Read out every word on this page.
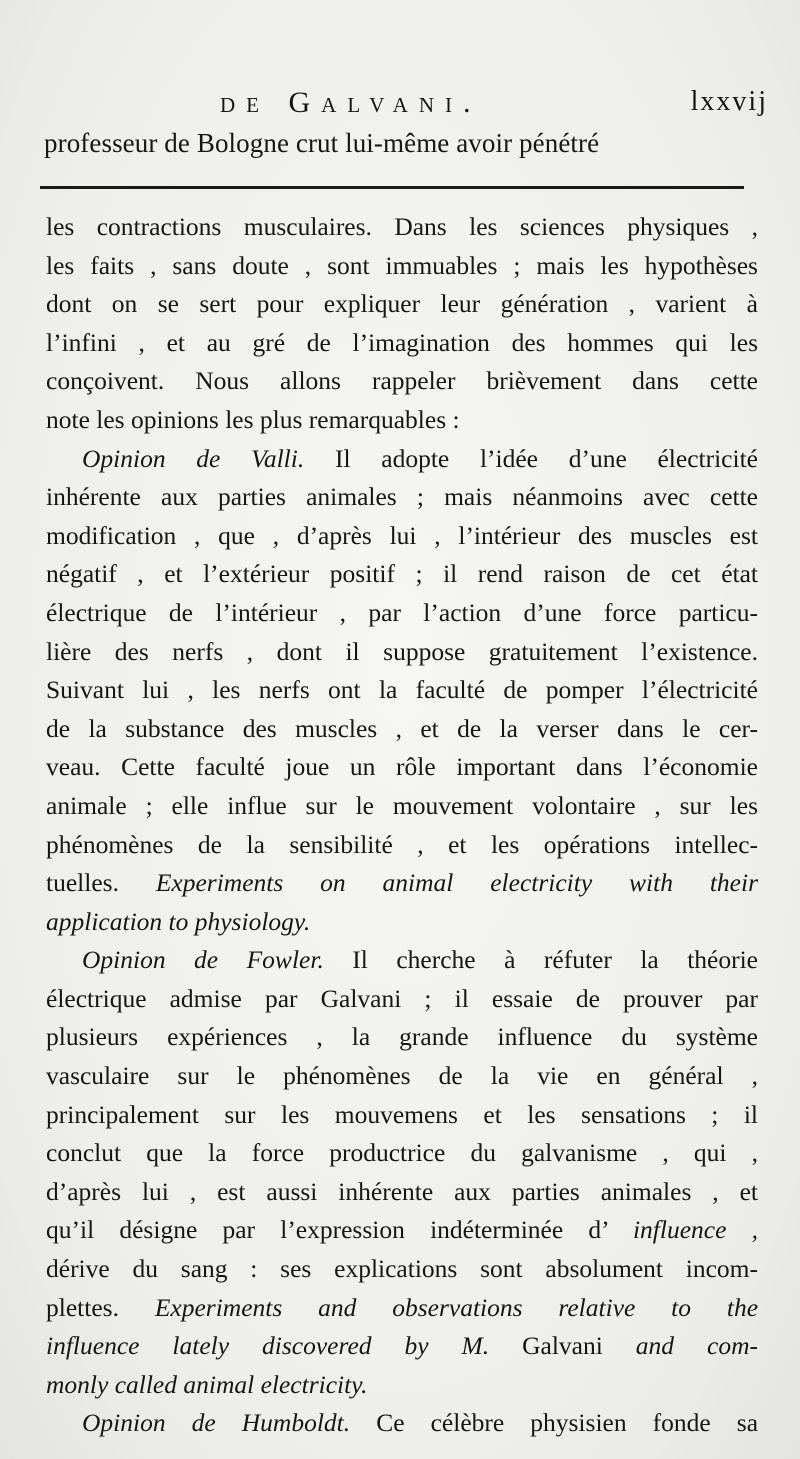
de Galvani.	lxxvij
professeur de Bologne crut lui-même avoir pénétré
les contractions musculaires. Dans les sciences physiques ,
les faits , sans doute , sont immuables ; mais les hypothèses
dont on se sert pour expliquer leur génération , varient à
l’infini , et au gré de l’imagination des hommes qui les
conçoivent. Nous allons rappeler brièvement dans cette
note les opinions les plus remarquables :
Opinion de Valli. Il adopte l’idée d’une électricité
inhérente aux parties animales ; mais néanmoins avec cette
modification , que , d’après lui , l’intérieur des muscles est
négatif , et l’extérieur positif ; il rend raison de cet état
électrique de l’intérieur , par l’action d’une force particu-
lière des nerfs , dont il suppose gratuitement l’existence.
Suivant lui , les nerfs ont la faculté de pomper l’électricité
de la substance des muscles , et de la verser dans le cer-
veau. Cette faculté joue un rôle important dans l’économie
animale ; elle influe sur le mouvement volontaire , sur les
phénomènes de la sensibilité , et les opérations intellec-
tuelles. Experiments on animal electricity with their
application to physiology.
Opinion de Fowler. Il cherche à réfuter la théorie
électrique admise par Galvani ; il essaie de prouver par
plusieurs expériences , la grande influence du système
vasculaire sur le phénomènes de la vie en général ,
principalement sur les mouvemens et les sensations ; il
conclut que la force productrice du galvanisme , qui ,
d’après lui , est aussi inhérente aux parties animales , et
qu’il désigne par l’expression indéterminée d’ influence ,
dérive du sang : ses explications sont absolument incom-
plettes. Experiments and observations relative to the
influence lately discovered by M. Galvani and com-
monly called animal electricity.
Opinion de Humboldt. Ce célèbre physisien fonde sa
